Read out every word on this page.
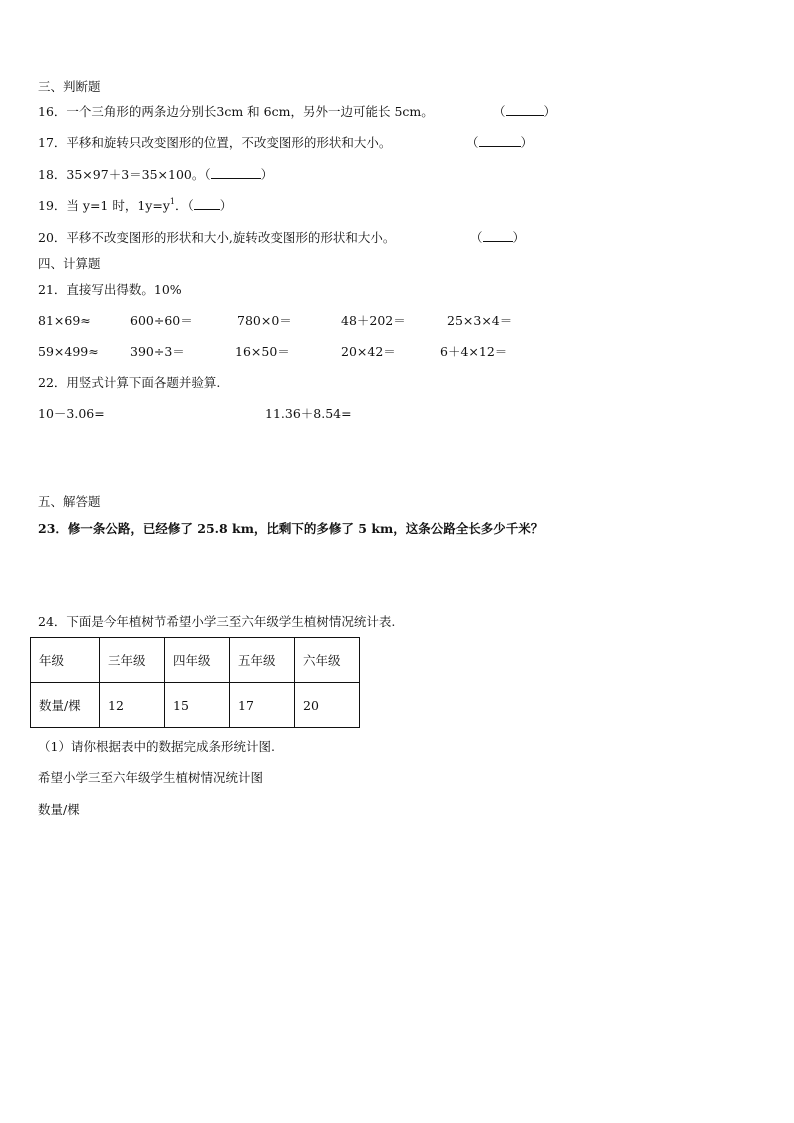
三、判断题
16．一个三角形的两条边分别长3cm 和 6cm，另外一边可能长 5cm。	（	）
17．平移和旋转只改变图形的位置，不改变图形的形状和大小。	（	）
18．35×97＋3＝35×100。（	）
19．当 y=1 时，$1y=y^1$．（ ）
20．平移不改变图形的形状和大小,旋转改变图形的形状和大小。	（ ）
四、计算题
21．直接写出得数。10%
81×69≈	600÷60＝	780×0＝	48＋202＝	25×3×4＝
59×499≈	390÷3＝	16×50＝	20×42＝	6＋4×12＝
22．用竖式计算下面各题并验算.
10－3.06=	11.36＋8.54=
五、解答题
23．修一条公路，已经修了 25.8 km，比剩下的多修了 5 km，这条公路全长多少千米？
24．下面是今年植树节希望小学三至六年级学生植树情况统计表.
年级	三年级	四年级	五年级	六年级
数量/棵	12	15	17	20
（1）请你根据表中的数据完成条形统计图.
希望小学三至六年级学生植树情况统计图
数量/棵
